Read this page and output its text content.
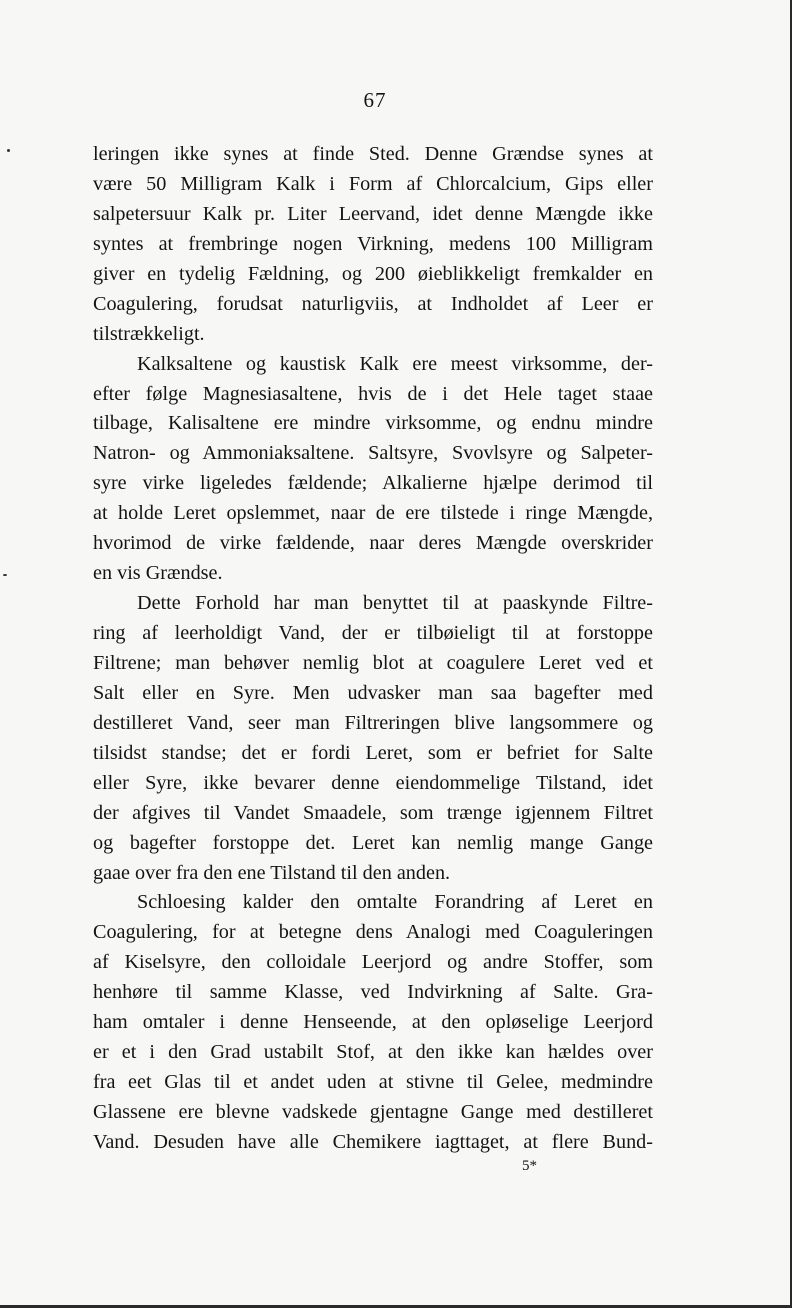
67
leringen ikke synes at finde Sted. Denne Grændse synes at
være 50 Milligram Kalk i Form af Chlorcalcium, Gips eller
salpetersuur Kalk pr. Liter Leervand, idet denne Mængde ikke
syntes at frembringe nogen Virkning, medens 100 Milligram
giver en tydelig Fældning, og 200 øieblikkeligt fremkalder en
Coagulering, forudsat naturligviis, at Indholdet af Leer er
tilstrækkeligt.
Kalksaltene og kaustisk Kalk ere meest virksomme, der-
efter følge Magnesiasaltene, hvis de i det Hele taget staae
tilbage, Kalisaltene ere mindre virksomme, og endnu mindre
Natron- og Ammoniaksaltene. Saltsyre, Svovlsyre og Salpeter-
syre virke ligeledes fældende; Alkalierne hjælpe derimod til
at holde Leret opslemmet, naar de ere tilstede i ringe Mængde,
hvorimod de virke fældende, naar deres Mængde overskrider
en vis Grændse.
Dette Forhold har man benyttet til at paaskynde Filtre-
ring af leerholdigt Vand, der er tilbøieligt til at forstoppe
Filtrene; man behøver nemlig blot at coagulere Leret ved et
Salt eller en Syre. Men udvasker man saa bagefter med
destilleret Vand, seer man Filtreringen blive langsommere og
tilsidst standse; det er fordi Leret, som er befriet for Salte
eller Syre, ikke bevarer denne eiendommelige Tilstand, idet
der afgives til Vandet Smaadele, som trænge igjennem Filtret
og bagefter forstoppe det. Leret kan nemlig mange Gange
gaae over fra den ene Tilstand til den anden.
Schloesing kalder den omtalte Forandring af Leret en
Coagulering, for at betegne dens Analogi med Coaguleringen
af Kiselsyre, den colloidale Leerjord og andre Stoffer, som
henhøre til samme Klasse, ved Indvirkning af Salte. Gra-
ham omtaler i denne Henseende, at den opløselige Leerjord
er et i den Grad ustabilt Stof, at den ikke kan hældes over
fra eet Glas til et andet uden at stivne til Gelee, medmindre
Glassene ere blevne vadskede gjentagne Gange med destilleret
Vand. Desuden have alle Chemikere iagttaget, at flere Bund-
5*
